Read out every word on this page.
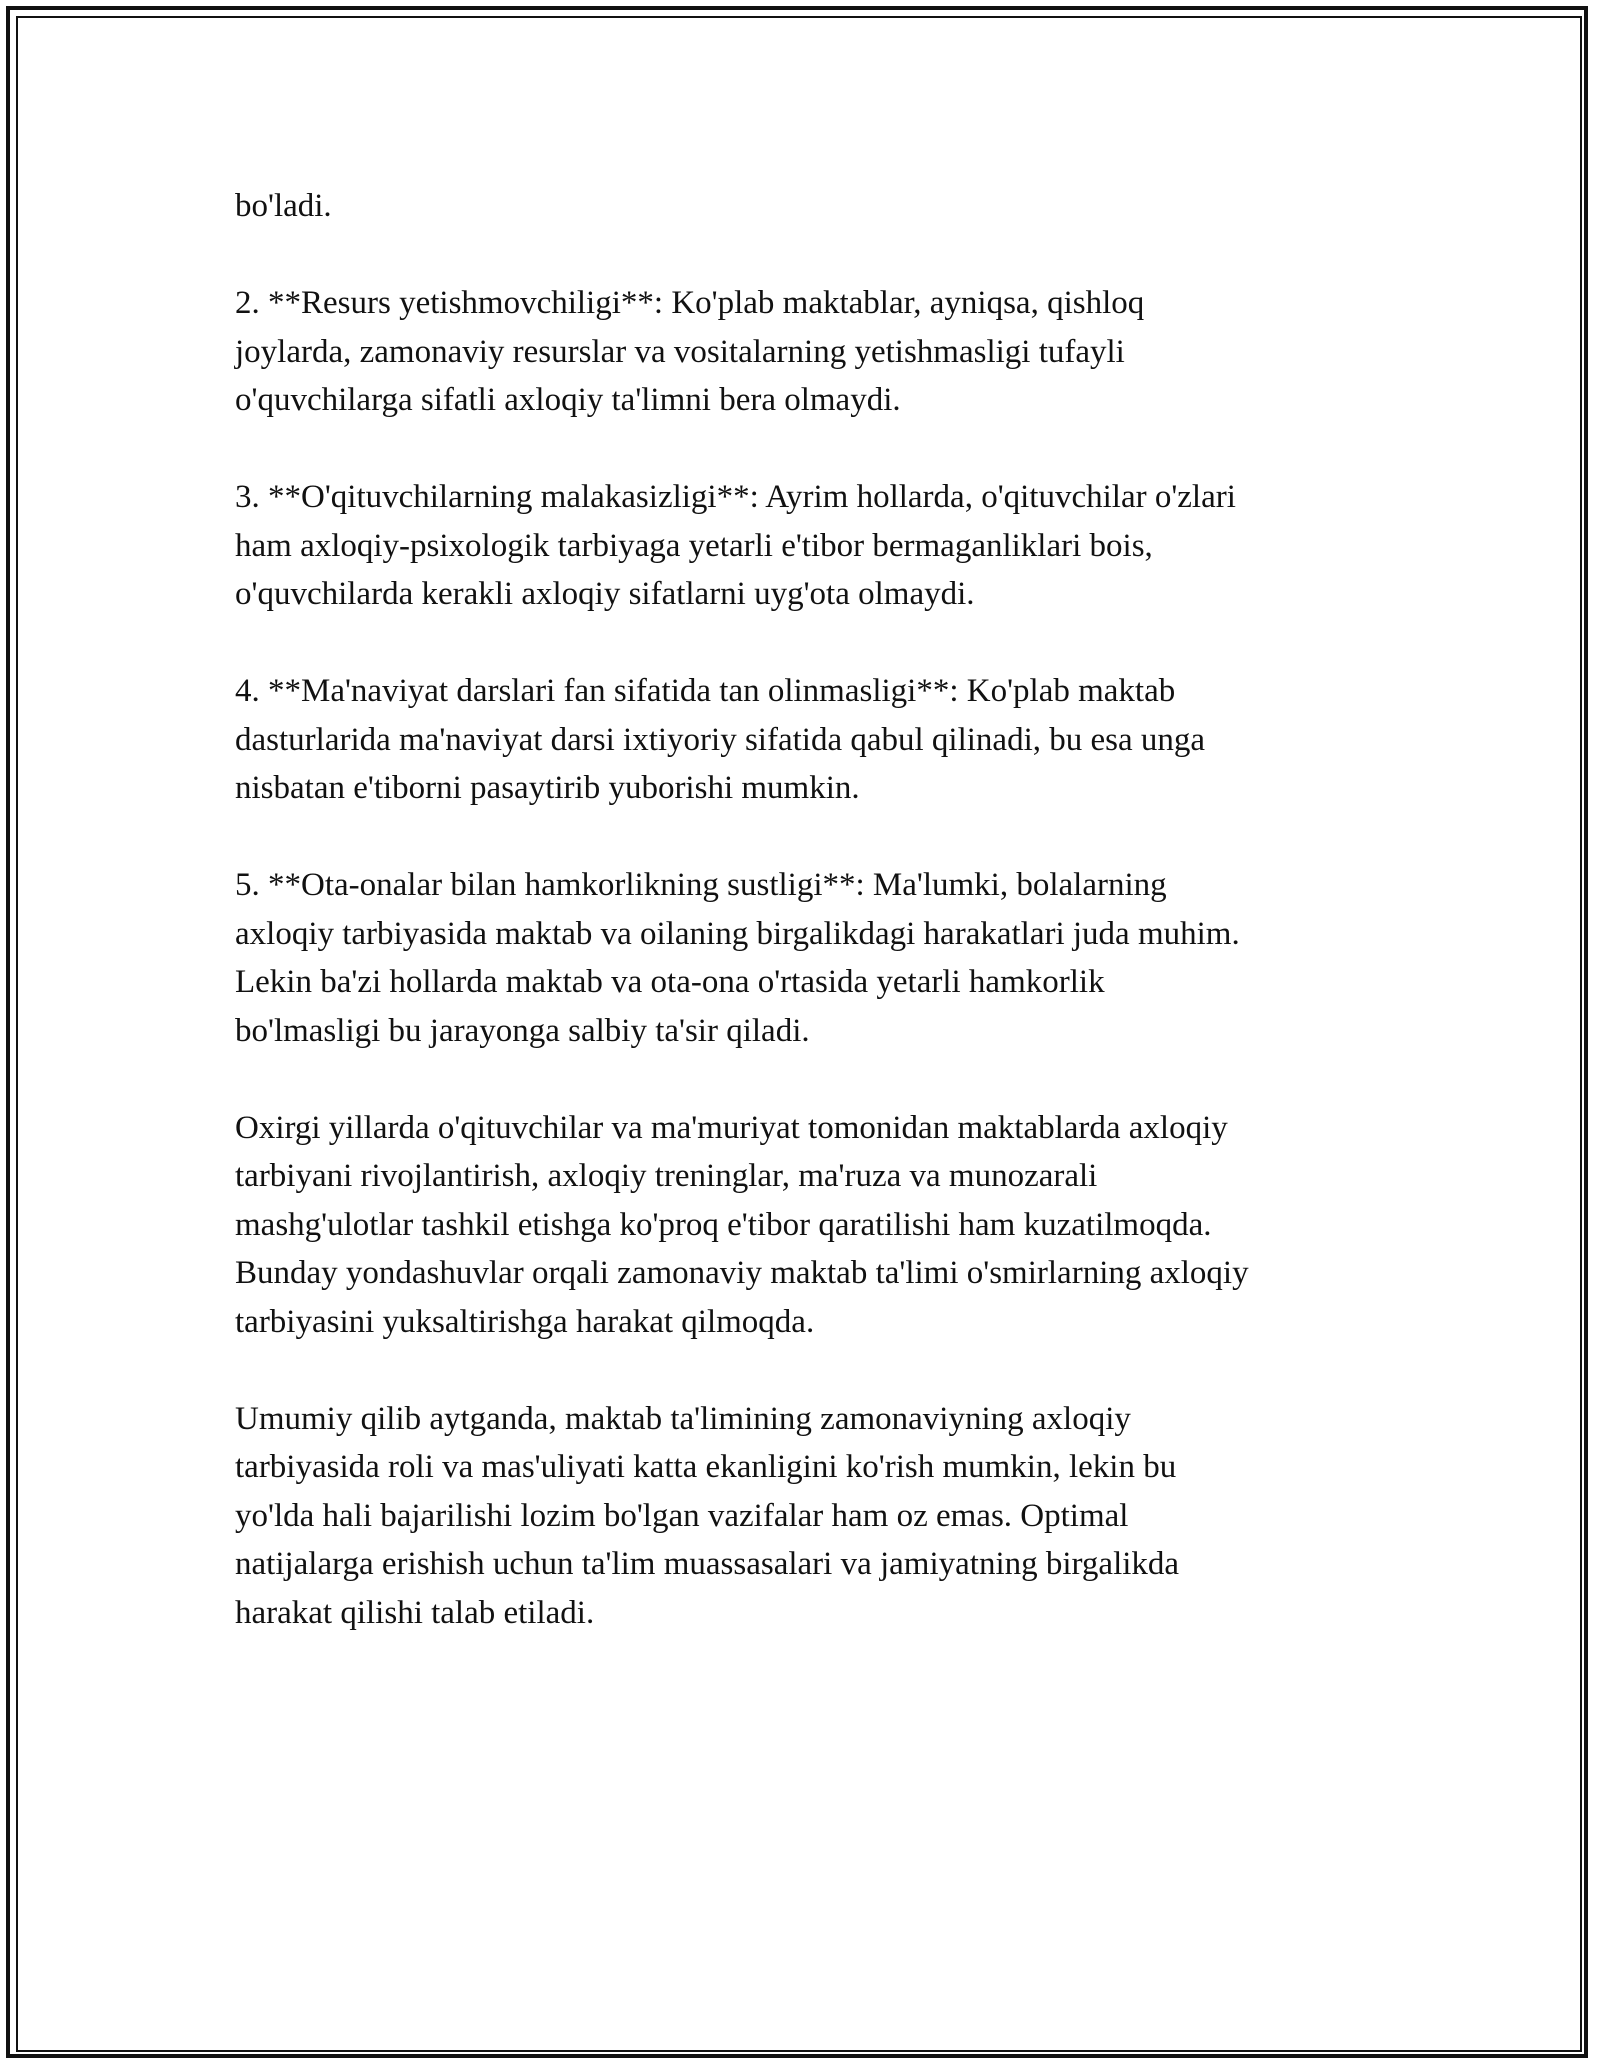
bo'ladi.

2. **Resurs yetishmovchiligi**: Ko'plab maktablar, ayniqsa, qishloq
joylarda, zamonaviy resurslar va vositalarning yetishmasligi tufayli
o'quvchilarga sifatli axloqiy ta'limni bera olmaydi.

3. **O'qituvchilarning malakasizligi**: Ayrim hollarda, o'qituvchilar o'zlari
ham axloqiy-psixologik tarbiyaga yetarli e'tibor bermaganliklari bois,
o'quvchilarda kerakli axloqiy sifatlarni uyg'ota olmaydi.

4. **Ma'naviyat darslari fan sifatida tan olinmasligi**: Ko'plab maktab
dasturlarida ma'naviyat darsi ixtiyoriy sifatida qabul qilinadi, bu esa unga
nisbatan e'tiborni pasaytirib yuborishi mumkin.

5. **Ota-onalar bilan hamkorlikning sustligi**: Ma'lumki, bolalarning
axloqiy tarbiyasida maktab va oilaning birgalikdagi harakatlari juda muhim.
Lekin ba'zi hollarda maktab va ota-ona o'rtasida yetarli hamkorlik
bo'lmasligi bu jarayonga salbiy ta'sir qiladi.

Oxirgi yillarda o'qituvchilar va ma'muriyat tomonidan maktablarda axloqiy
tarbiyani rivojlantirish, axloqiy treninglar, ma'ruza va munozarali
mashg'ulotlar tashkil etishga ko'proq e'tibor qaratilishi ham kuzatilmoqda.
Bunday yondashuvlar orqali zamonaviy maktab ta'limi o'smirlarning axloqiy
tarbiyasini yuksaltirishga harakat qilmoqda.

Umumiy qilib aytganda, maktab ta'limining zamonaviyning axloqiy
tarbiyasida roli va mas'uliyati katta ekanligini ko'rish mumkin, lekin bu
yo'lda hali bajarilishi lozim bo'lgan vazifalar ham oz emas. Optimal
natijalarga erishish uchun ta'lim muassasalari va jamiyatning birgalikda
harakat qilishi talab etiladi.
